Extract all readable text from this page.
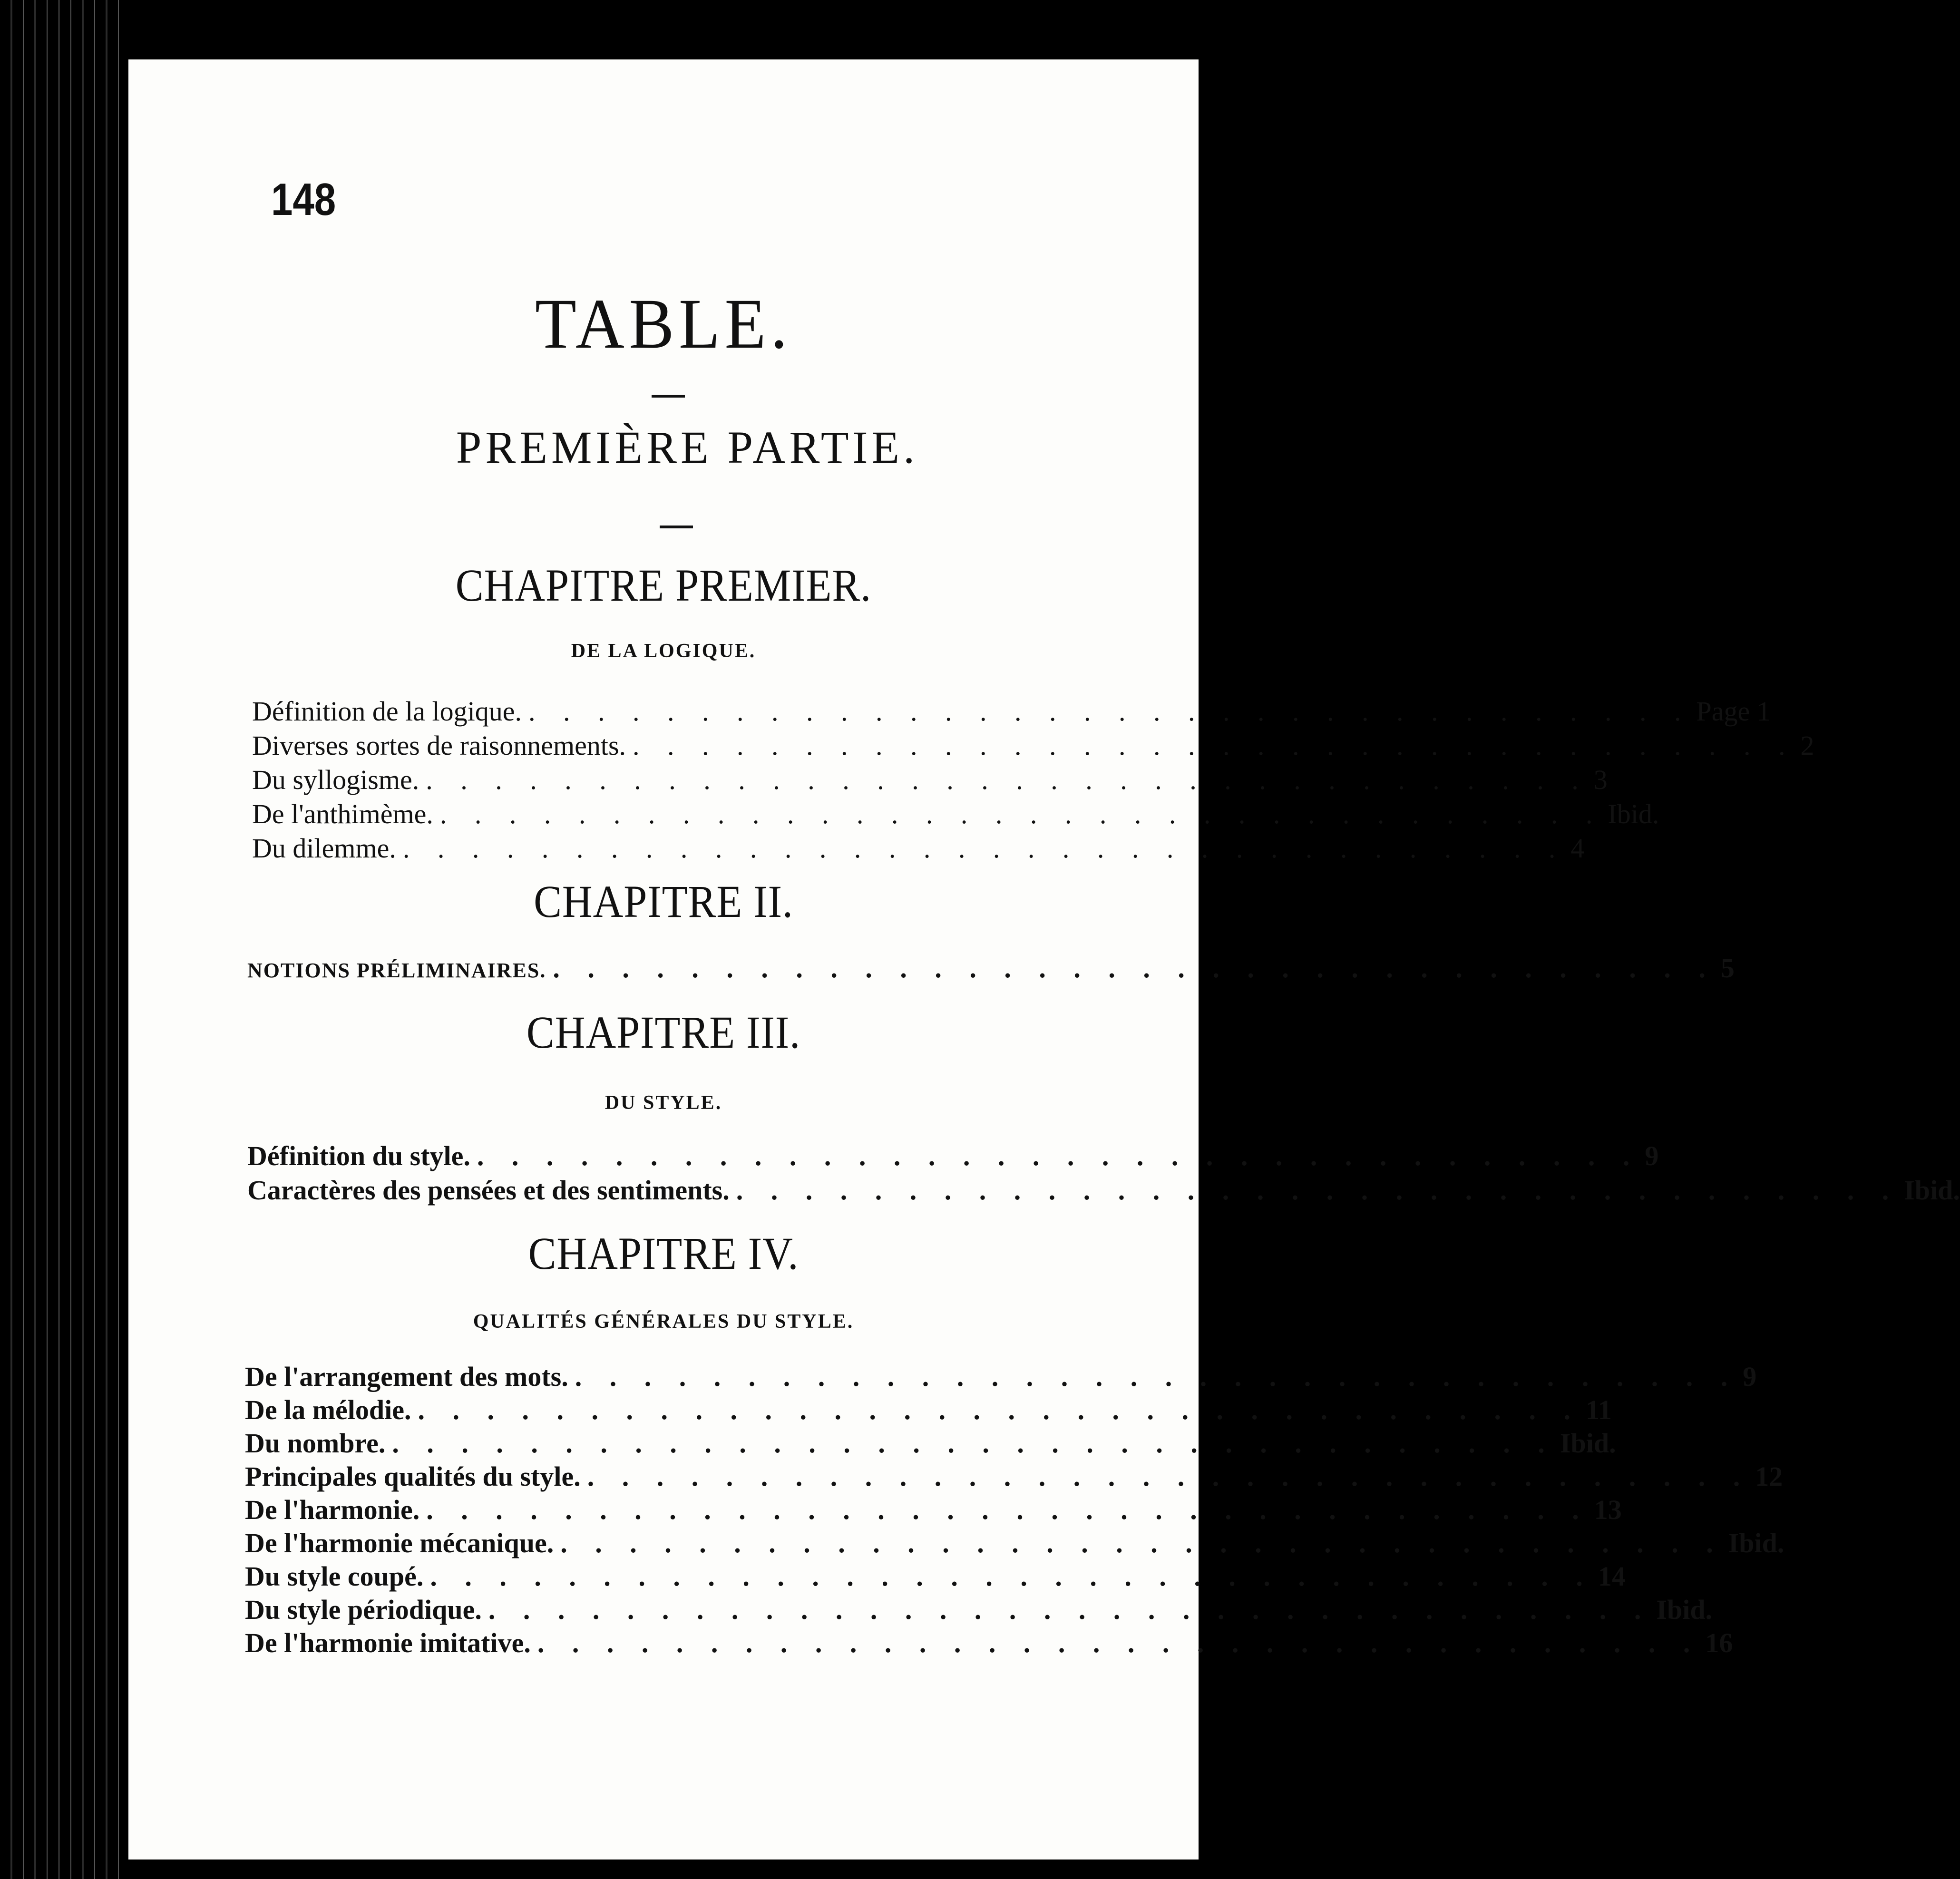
148
TABLE.
PREMIÈRE PARTIE.
CHAPITRE PREMIER.
DE LA LOGIQUE.
Définition de la logique. . . . . . . . . . . . . . . . . . . . . . . . . . . . . . . . . . . Page 1
Diverses sortes de raisonnements. . . . . . . . . . . . . . . . . . . . . . . . . . . . . . . . . . . 2
Du syllogisme. . . . . . . . . . . . . . . . . . . . . . . . . . . . . . . . . . . 3
De l'anthimème. . . . . . . . . . . . . . . . . . . . . . . . . . . . . . . . . . . Ibid.
Du dilemme. . . . . . . . . . . . . . . . . . . . . . . . . . . . . . . . . . . 4
CHAPITRE II.
NOTIONS PRÉLIMINAIRES. . . . . . . . . . . . . . . . . . . . . . . . . . . . . . . . . . . 5
CHAPITRE III.
DU STYLE.
Définition du style. . . . . . . . . . . . . . . . . . . . . . . . . . . . . . . . . . . 9
Caractères des pensées et des sentiments. . . . . . . . . . . . . . . . . . . . . . . . . . . . . . . . . . . Ibid.
CHAPITRE IV.
QUALITÉS GÉNÉRALES DU STYLE.
De l'arrangement des mots. . . . . . . . . . . . . . . . . . . . . . . . . . . . . . . . . . . 9
De la mélodie. . . . . . . . . . . . . . . . . . . . . . . . . . . . . . . . . . . 11
Du nombre. . . . . . . . . . . . . . . . . . . . . . . . . . . . . . . . . . . Ibid.
Principales qualités du style. . . . . . . . . . . . . . . . . . . . . . . . . . . . . . . . . . . 12
De l'harmonie. . . . . . . . . . . . . . . . . . . . . . . . . . . . . . . . . . . 13
De l'harmonie mécanique. . . . . . . . . . . . . . . . . . . . . . . . . . . . . . . . . . . Ibid.
Du style coupé. . . . . . . . . . . . . . . . . . . . . . . . . . . . . . . . . . . 14
Du style périodique. . . . . . . . . . . . . . . . . . . . . . . . . . . . . . . . . . . Ibid.
De l'harmonie imitative. . . . . . . . . . . . . . . . . . . . . . . . . . . . . . . . . . . 16
